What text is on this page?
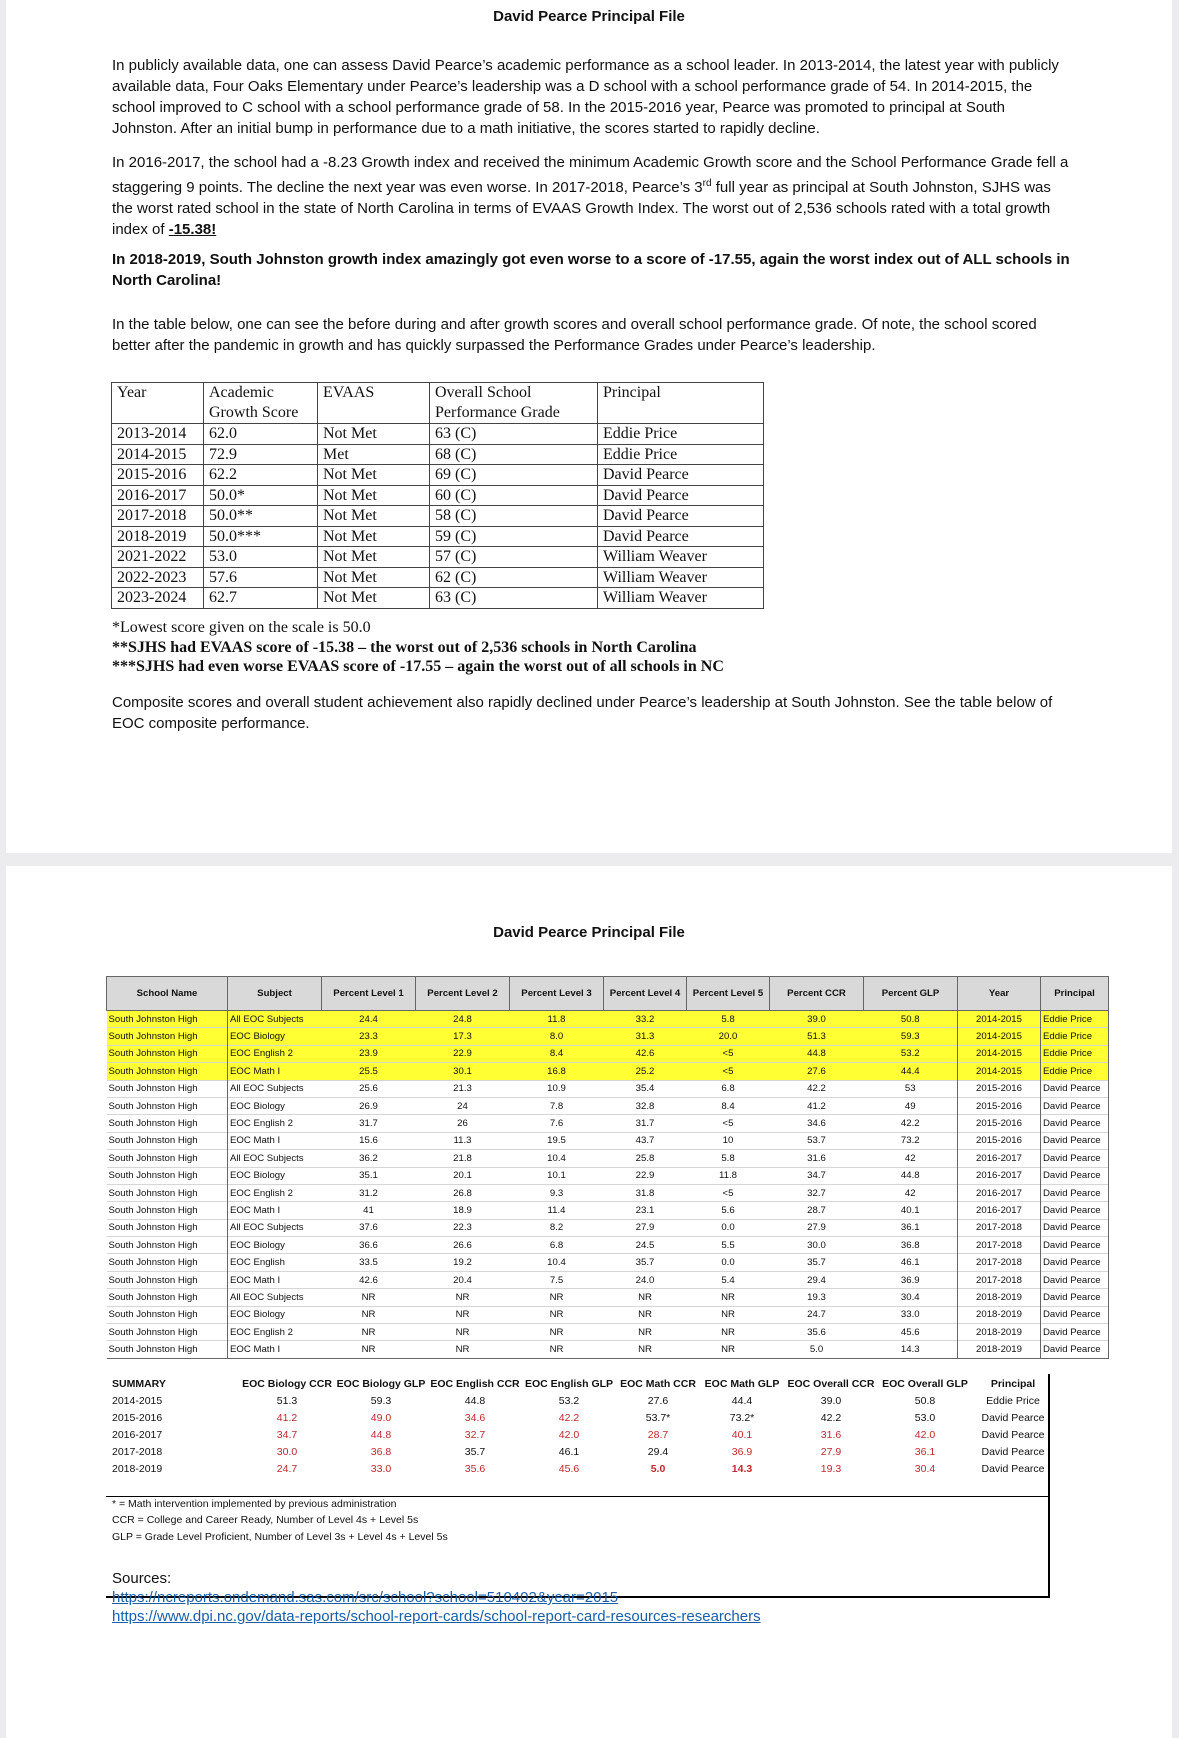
David Pearce Principal File

In publicly available data, one can assess David Pearce’s academic performance as a school leader. In 2013-2014, the latest year with publicly available data, Four Oaks Elementary under Pearce’s leadership was a D school with a school performance grade of 54. In 2014-2015, the school improved to C school with a school performance grade of 58. In the 2015-2016 year, Pearce was promoted to principal at South Johnston. After an initial bump in performance due to a math initiative, the scores started to rapidly decline.

In 2016-2017, the school had a -8.23 Growth index and received the minimum Academic Growth score and the School Performance Grade fell a staggering 9 points. The decline the next year was even worse. In 2017-2018, Pearce’s 3rd full year as principal at South Johnston, SJHS was the worst rated school in the state of North Carolina in terms of EVAAS Growth Index. The worst out of 2,536 schools rated with a total growth index of -15.38!

In 2018-2019, South Johnston growth index amazingly got even worse to a score of -17.55, again the worst index out of ALL schools in North Carolina!

In the table below, one can see the before during and after growth scores and overall school performance grade. Of note, the school scored better after the pandemic in growth and has quickly surpassed the Performance Grades under Pearce’s leadership.

Year	Academic Growth Score	EVAAS	Overall School Performance Grade	Principal
2013-2014	62.0	Not Met	63 (C)	Eddie Price
2014-2015	72.9	Met	68 (C)	Eddie Price
2015-2016	62.2	Not Met	69 (C)	David Pearce
2016-2017	50.0*	Not Met	60 (C)	David Pearce
2017-2018	50.0**	Not Met	58 (C)	David Pearce
2018-2019	50.0***	Not Met	59 (C)	David Pearce
2021-2022	53.0	Not Met	57 (C)	William Weaver
2022-2023	57.6	Not Met	62 (C)	William Weaver
2023-2024	62.7	Not Met	63 (C)	William Weaver
*Lowest score given on the scale is 50.0
**SJHS had EVAAS score of -15.38 – the worst out of 2,536 schools in North Carolina
***SJHS had even worse EVAAS score of -17.55 – again the worst out of all schools in NC

Composite scores and overall student achievement also rapidly declined under Pearce’s leadership at South Johnston. See the table below of EOC composite performance.

David Pearce Principal File
School Name	Subject	Percent Level 1	Percent Level 2	Percent Level 3	Percent Level 4	Percent Level 5	Percent CCR	Percent GLP	Year	Principal
South Johnston High	All EOC Subjects	24.4	24.8	11.8	33.2	5.8	39.0	50.8	2014-2015	Eddie Price
South Johnston High	EOC Biology	23.3	17.3	8.0	31.3	20.0	51.3	59.3	2014-2015	Eddie Price
South Johnston High	EOC English 2	23.9	22.9	8.4	42.6	<5	44.8	53.2	2014-2015	Eddie Price
South Johnston High	EOC Math I	25.5	30.1	16.8	25.2	<5	27.6	44.4	2014-2015	Eddie Price
South Johnston High	All EOC Subjects	25.6	21.3	10.9	35.4	6.8	42.2	53	2015-2016	David Pearce
South Johnston High	EOC Biology	26.9	24	7.8	32.8	8.4	41.2	49	2015-2016	David Pearce
South Johnston High	EOC English 2	31.7	26	7.6	31.7	<5	34.6	42.2	2015-2016	David Pearce
South Johnston High	EOC Math I	15.6	11.3	19.5	43.7	10	53.7	73.2	2015-2016	David Pearce
South Johnston High	All EOC Subjects	36.2	21.8	10.4	25.8	5.8	31.6	42	2016-2017	David Pearce
South Johnston High	EOC Biology	35.1	20.1	10.1	22.9	11.8	34.7	44.8	2016-2017	David Pearce
South Johnston High	EOC English 2	31.2	26.8	9.3	31.8	<5	32.7	42	2016-2017	David Pearce
South Johnston High	EOC Math I	41	18.9	11.4	23.1	5.6	28.7	40.1	2016-2017	David Pearce
South Johnston High	All EOC Subjects	37.6	22.3	8.2	27.9	0.0	27.9	36.1	2017-2018	David Pearce
South Johnston High	EOC Biology	36.6	26.6	6.8	24.5	5.5	30.0	36.8	2017-2018	David Pearce
South Johnston High	EOC English	33.5	19.2	10.4	35.7	0.0	35.7	46.1	2017-2018	David Pearce
South Johnston High	EOC Math I	42.6	20.4	7.5	24.0	5.4	29.4	36.9	2017-2018	David Pearce
South Johnston High	All EOC Subjects	NR	NR	NR	NR	NR	19.3	30.4	2018-2019	David Pearce
South Johnston High	EOC Biology	NR	NR	NR	NR	NR	24.7	33.0	2018-2019	David Pearce
South Johnston High	EOC English 2	NR	NR	NR	NR	NR	35.6	45.6	2018-2019	David Pearce
South Johnston High	EOC Math I	NR	NR	NR	NR	NR	5.0	14.3	2018-2019	David Pearce
SUMMARY	EOC Biology CCR	EOC Biology GLP	EOC English CCR	EOC English GLP	EOC Math CCR	EOC Math GLP	EOC Overall CCR	EOC Overall GLP	Principal
2014-2015	51.3	59.3	44.8	53.2	27.6	44.4	39.0	50.8	Eddie Price
2015-2016	41.2	49.0	34.6	42.2	53.7*	73.2*	42.2	53.0	David Pearce
2016-2017	34.7	44.8	32.7	42.0	28.7	40.1	31.6	42.0	David Pearce
2017-2018	30.0	36.8	35.7	46.1	29.4	36.9	27.9	36.1	David Pearce
2018-2019	24.7	33.0	35.6	45.6	5.0	14.3	19.3	30.4	David Pearce
* = Math intervention implemented by previous administration
CCR = College and Career Ready, Number of Level 4s + Level 5s
GLP = Grade Level Proficient, Number of Level 3s + Level 4s + Level 5s
Sources:
https://ncreports.ondemand.sas.com/src/school?school=510402&year=2015
https://www.dpi.nc.gov/data-reports/school-report-cards/school-report-card-resources-researchers
